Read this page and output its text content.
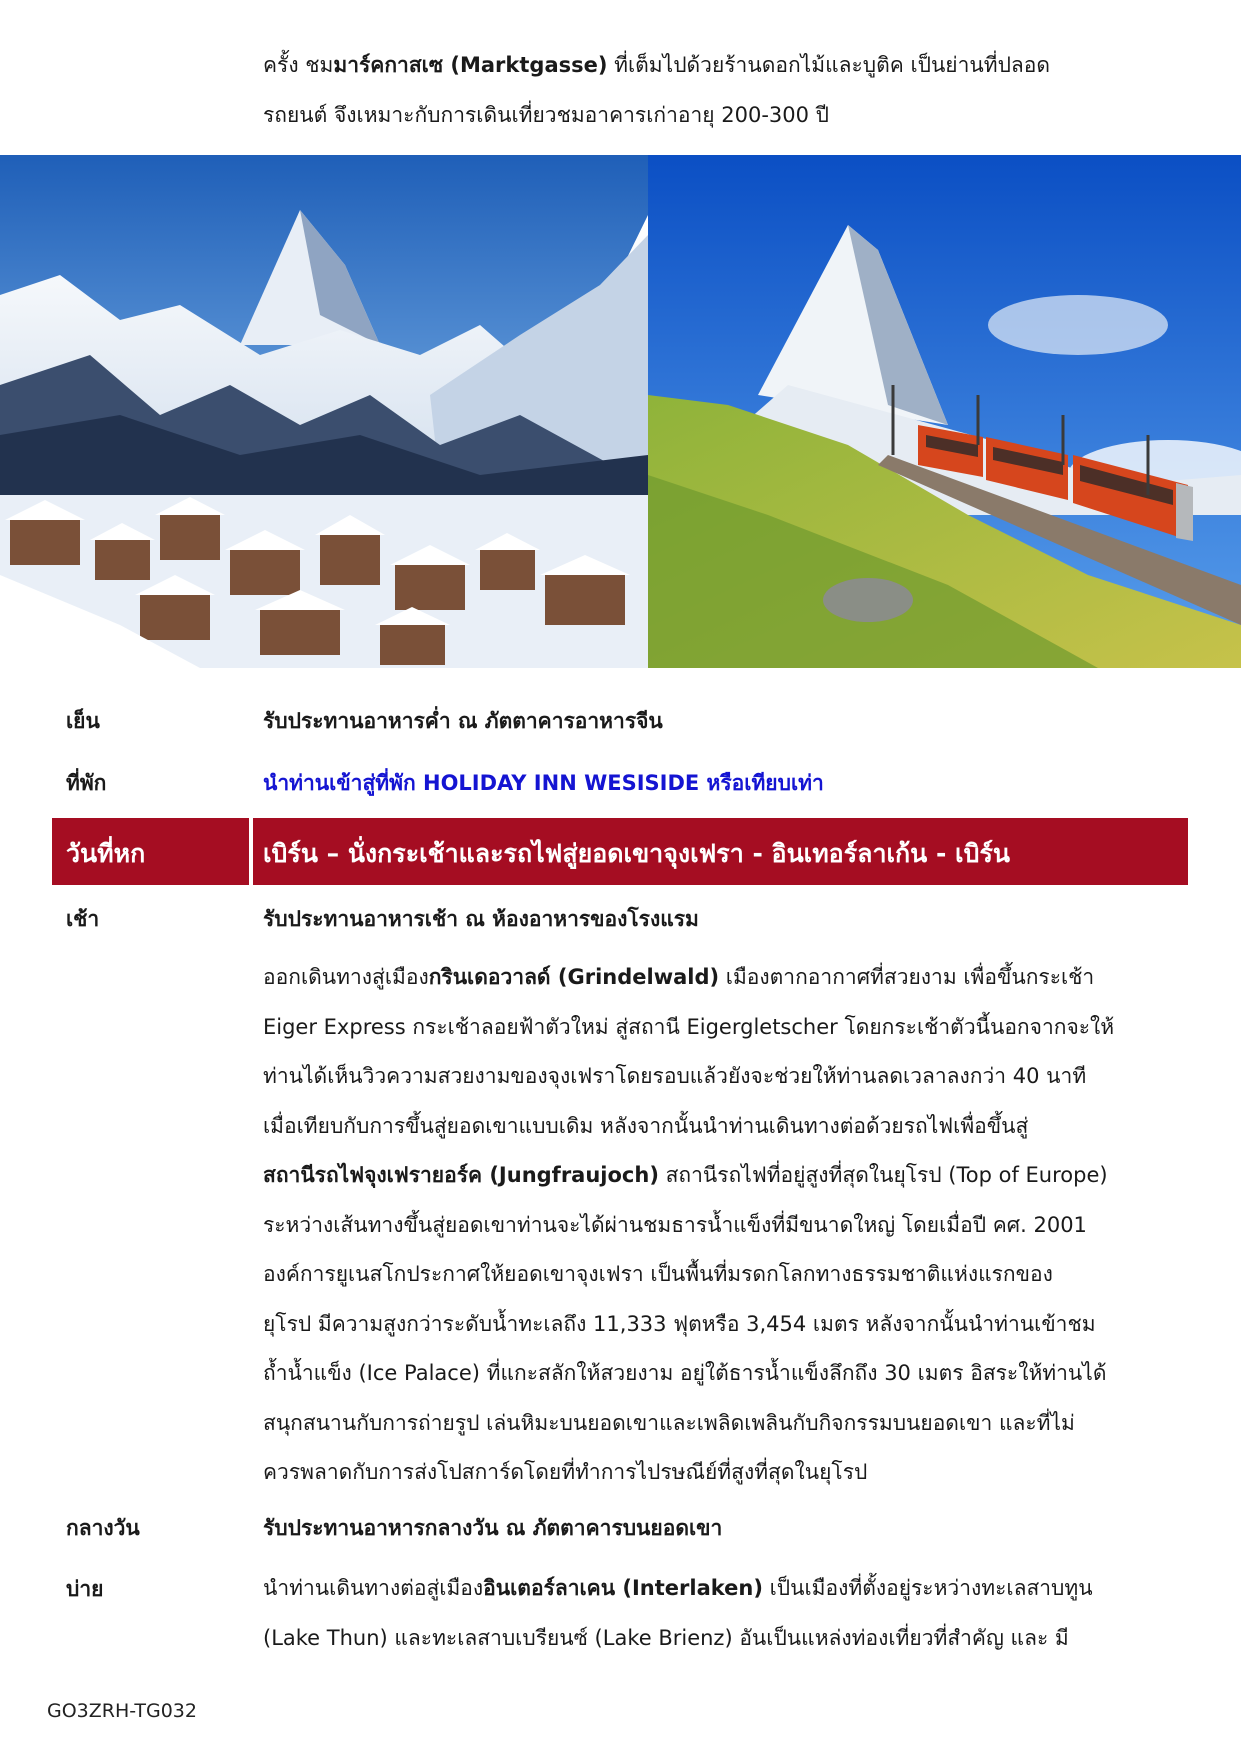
ครั้ง ชมมาร์คกาสเซ (Marktgasse) ที่เต็มไปด้วยร้านดอกไม้และบูติค เป็นย่านที่ปลอด

รถยนต์ จึงเหมาะกับการเดินเที่ยวชมอาคารเก่าอายุ 200-300 ปี

เย็น	รับประทานอาหารค่ำ ณ ภัตตาคารอาหารจีน
ที่พัก	นำท่านเข้าสู่ที่พัก HOLIDAY INN WESISIDE หรือเทียบเท่า
วันที่หก	เบิร์น – นั่งกระเช้าและรถไฟสู่ยอดเขาจุงเฟรา - อินเทอร์ลาเก้น - เบิร์น
เช้า	รับประทานอาหารเช้า ณ ห้องอาหารของโรงแรม

ออกเดินทางสู่เมืองกรินเดอวาลด์ (Grindelwald) เมืองตากอากาศที่สวยงาม เพื่อขึ้นกระเช้า

Eiger Express กระเช้าลอยฟ้าตัวใหม่ สู่สถานี Eigergletscher โดยกระเช้าตัวนี้นอกจากจะให้

ท่านได้เห็นวิวความสวยงามของจุงเฟราโดยรอบแล้วยังจะช่วยให้ท่านลดเวลาลงกว่า 40 นาที

เมื่อเทียบกับการขึ้นสู่ยอดเขาแบบเดิม หลังจากนั้นนำท่านเดินทางต่อด้วยรถไฟเพื่อขึ้นสู่

สถานีรถไฟจุงเฟรายอร์ค (Jungfraujoch) สถานีรถไฟที่อยู่สูงที่สุดในยุโรป (Top of Europe)

ระหว่างเส้นทางขึ้นสู่ยอดเขาท่านจะได้ผ่านชมธารน้ำแข็งที่มีขนาดใหญ่ โดยเมื่อปี คศ. 2001

องค์การยูเนสโกประกาศให้ยอดเขาจุงเฟรา เป็นพื้นที่มรดกโลกทางธรรมชาติแห่งแรกของ

ยุโรป มีความสูงกว่าระดับน้ำทะเลถึง 11,333 ฟุตหรือ 3,454 เมตร หลังจากนั้นนำท่านเข้าชม

ถ้ำน้ำแข็ง (Ice Palace) ที่แกะสลักให้สวยงาม อยู่ใต้ธารน้ำแข็งลึกถึง 30 เมตร อิสระให้ท่านได้

สนุกสนานกับการถ่ายรูป เล่นหิมะบนยอดเขาและเพลิดเพลินกับกิจกรรมบนยอดเขา และที่ไม่

ควรพลาดกับการส่งโปสการ์ดโดยที่ทำการไปรษณีย์ที่สูงที่สุดในยุโรป

กลางวัน	รับประทานอาหารกลางวัน ณ ภัตตาคารบนยอดเขา
บ่าย	นำท่านเดินทางต่อสู่เมืองอินเตอร์ลาเคน (Interlaken) เป็นเมืองที่ตั้งอยู่ระหว่างทะเลสาบทูน

(Lake Thun) และทะเลสาบเบรียนซ์ (Lake Brienz) อันเป็นแหล่งท่องเที่ยวที่สำคัญ และ มี

GO3ZRH-TG032
